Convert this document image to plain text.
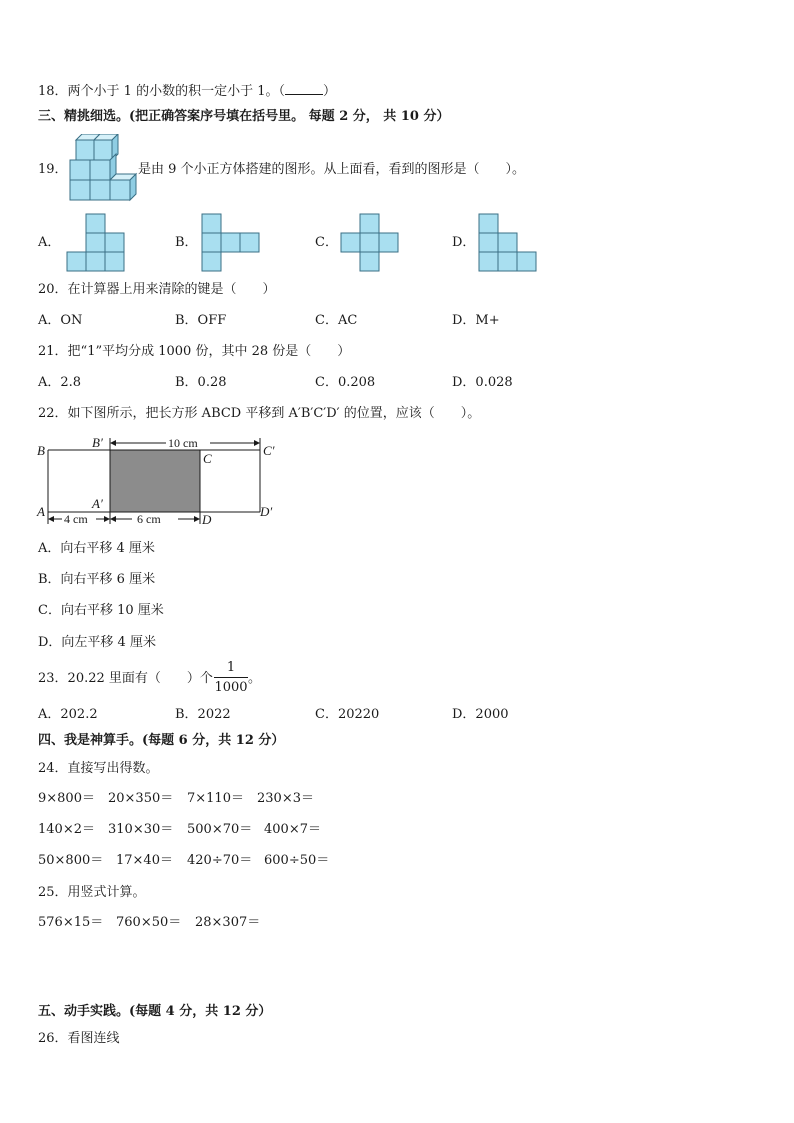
18．两个小于 1 的小数的积一定小于 1。（	）
三、精挑细选。(把正确答案序号填在括号里。 每题 2 分， 共 10 分）
19．	是由 9 个小正方体搭建的图形。从上面看，看到的图形是（　　）。
A．	B．	C．	D．
20．在计算器上用来清除的键是（　　）
A．ON	B．OFF	C．AC	D．M+
21．把“1”平均分成 1000 份，其中 28 份是（　　）
A．2.8	B．0.28	C．0.208	D．0.028
22．如下图所示，把长方形 ABCD 平移到 A′B′C′D′ 的位置，应该（　　）。
B
B′
C
C′
A
A′
D
D′
10 cm
4 cm	6 cm
A．向右平移 4 厘米
B．向右平移 6 厘米
C．向右平移 10 厘米
D．向左平移 4 厘米
23．20.22 里面有（　　）个
1
1000
。
A．202.2	B．2022	C．20220	D．2000
四、我是神算手。(每题 6 分，共 12 分）
24．直接写出得数。
9×800＝ 20×350＝ 7×110＝ 230×3＝
140×2＝ 310×30＝ 500×70＝ 400×7＝
50×800＝ 17×40＝ 420÷70＝ 600÷50＝
25．用竖式计算。
576×15＝ 760×50＝ 28×307＝
五、动手实践。(每题 4 分，共 12 分）
26．看图连线
